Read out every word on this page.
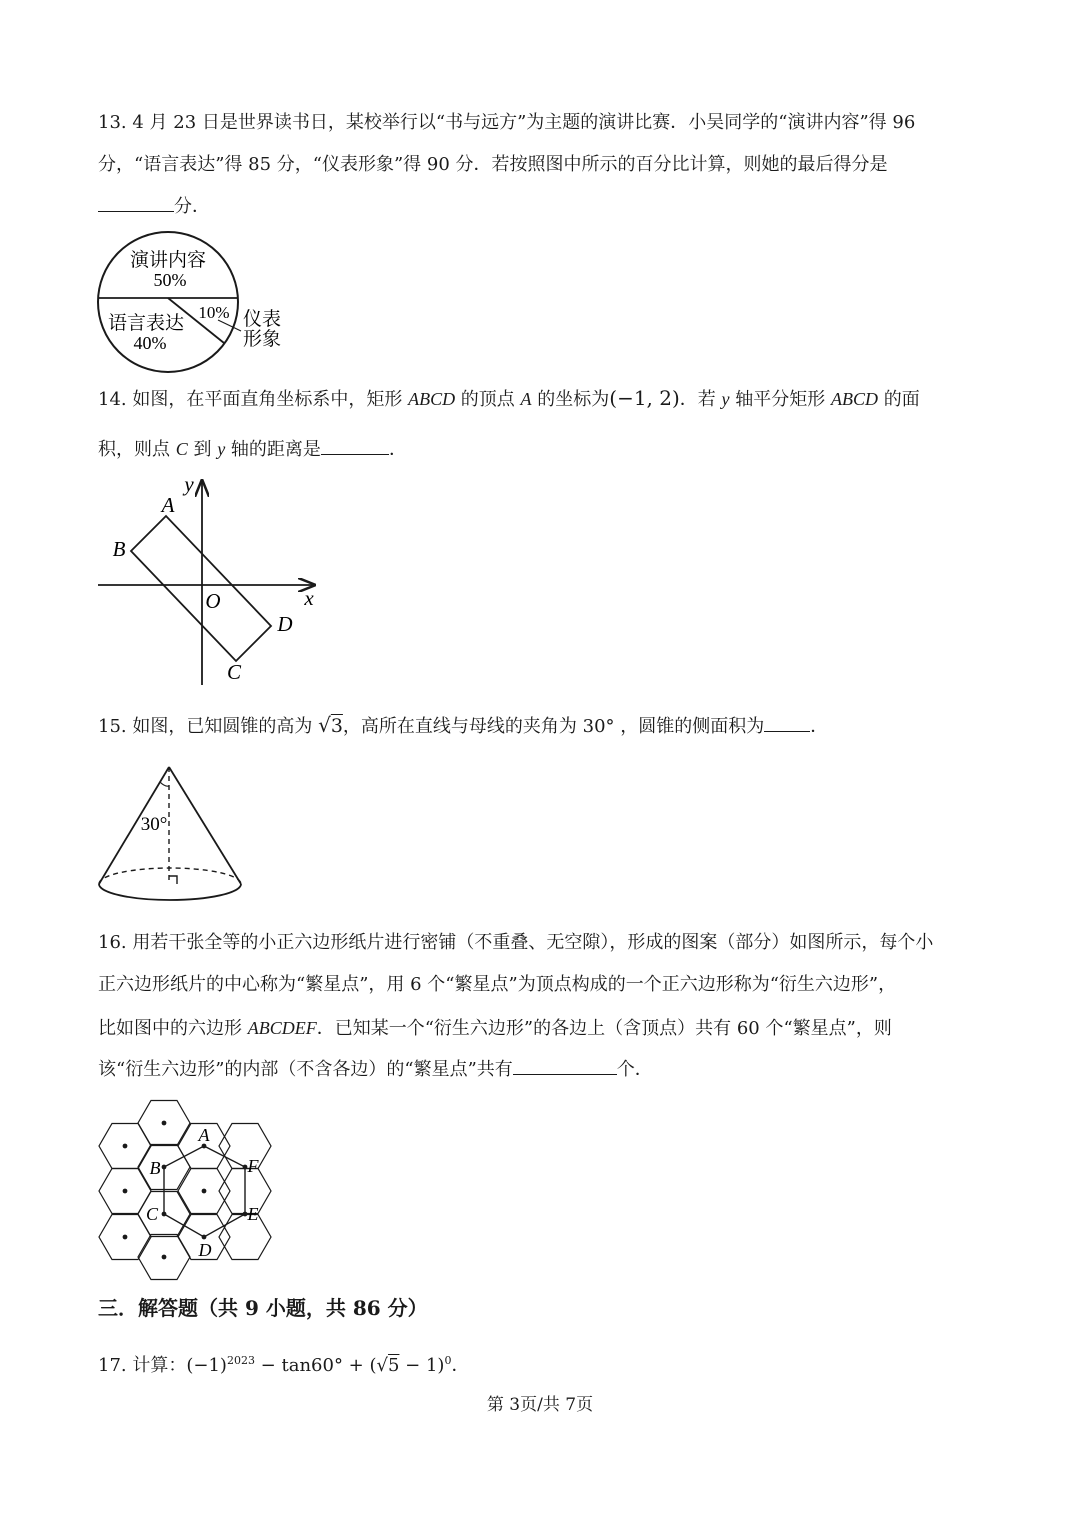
13. 4 月 23 日是世界读书日，某校举行以“书与远方”为主题的演讲比赛．小吴同学的“演讲内容”得 96

分，“语言表达”得 85 分，“仪表形象”得 90 分．若按照图中所示的百分比计算，则她的最后得分是

分．

演讲内容
50%
语言表达
40%
10% 仪表
形象

14. 如图，在平面直角坐标系中，矩形 ABCD 的顶点 A 的坐标为(−1, 2)．若 y 轴平分矩形 ABCD 的面

积，则点 C 到 y 轴的距离是	．

A
B
C
D
O	x
y

15. 如图，已知圆锥的高为 √3，高所在直线与母线的夹角为 30° ，圆锥的侧面积为	．

30°

16. 用若干张全等的小正六边形纸片进行密铺（不重叠、无空隙），形成的图案（部分）如图所示，每个小

正六边形纸片的中心称为“繁星点”，用 6 个“繁星点”为顶点构成的一个正六边形称为“衍生六边形”，

比如图中的六边形 ABCDEF．已知某一个“衍生六边形”的各边上（含顶点）共有 60 个“繁星点”，则

该“衍生六边形”的内部（不含各边）的“繁星点”共有	个．

A
B
C
D
E
F

三．解答题（共 9 小题，共 86 分）

17. 计算：$(-1)^{2023} - \tan 60^\circ + (√5 - 1)^0$．

第 3页/共 7页
